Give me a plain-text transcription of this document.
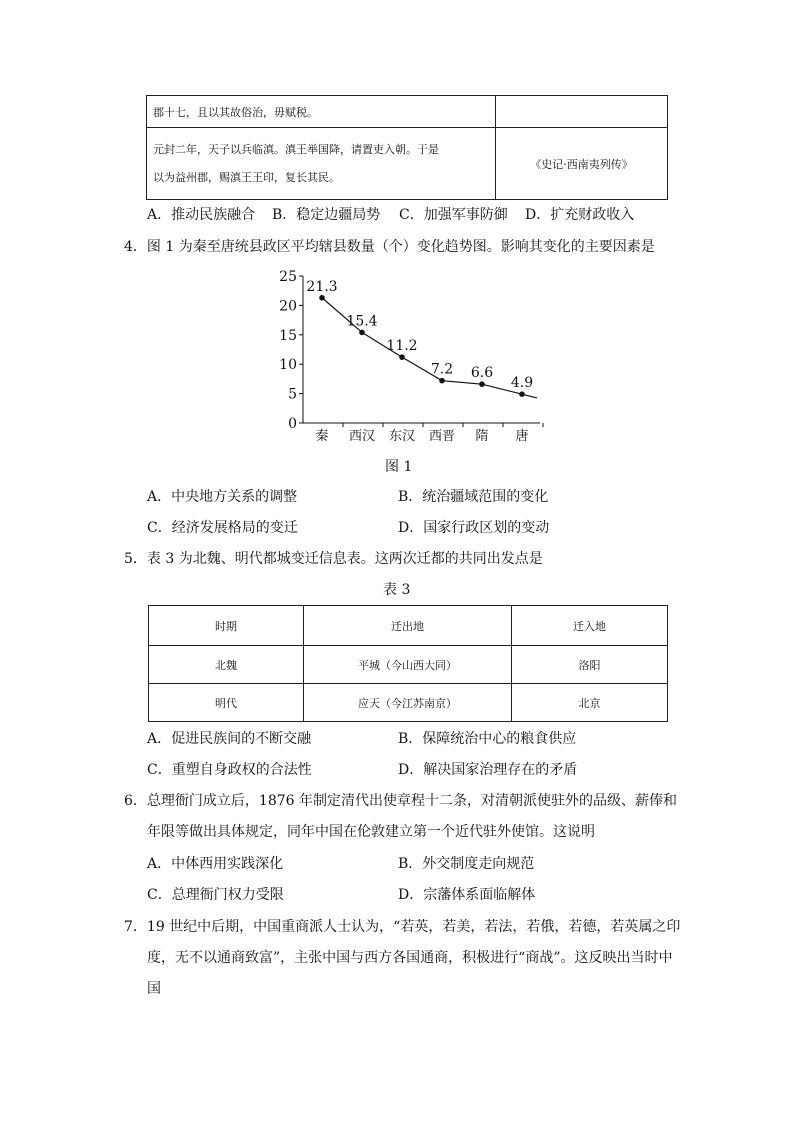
郡十七，且以其故俗治，毋赋税。	

元封二年，天子以兵临滇。滇王举国降，请置吏入朝。于是
以为益州郡，赐滇王王印，复长其民。	《史记·西南夷列传》
A．推动民族融合 B．稳定边疆局势 C．加强军事防御 D．扩充财政收入
4．图 1 为秦至唐统县政区平均辖县数量（个）变化趋势图。影响其变化的主要因素是
0
5
10
15
20
25
秦 西汉 东汉 西晋 隋 唐
21.3
15.4
11.2
7.2 6.6
4.9
图 1
A．中央地方关系的调整	B．统治疆域范围的变化
C．经济发展格局的变迁	D．国家行政区划的变动
5．表 3 为北魏、明代都城变迁信息表。这两次迁都的共同出发点是
表 3
时期	迁出地	迁入地
北魏	平城（今山西大同）	洛阳
明代	应天（今江苏南京）	北京
A．促进民族间的不断交融	B．保障统治中心的粮食供应
C．重塑自身政权的合法性	D．解决国家治理存在的矛盾
6．总理衙门成立后，1876 年制定清代出使章程十二条，对清朝派使驻外的品级、薪俸和
年限等做出具体规定，同年中国在伦敦建立第一个近代驻外使馆。这说明
A．中体西用实践深化	B．外交制度走向规范
C．总理衙门权力受限	D．宗藩体系面临解体
7．19 世纪中后期，中国重商派人士认为，“若英，若美，若法，若俄，若德，若英属之印
度，无不以通商致富”，主张中国与西方各国通商，积极进行“商战”。这反映出当时中
国
